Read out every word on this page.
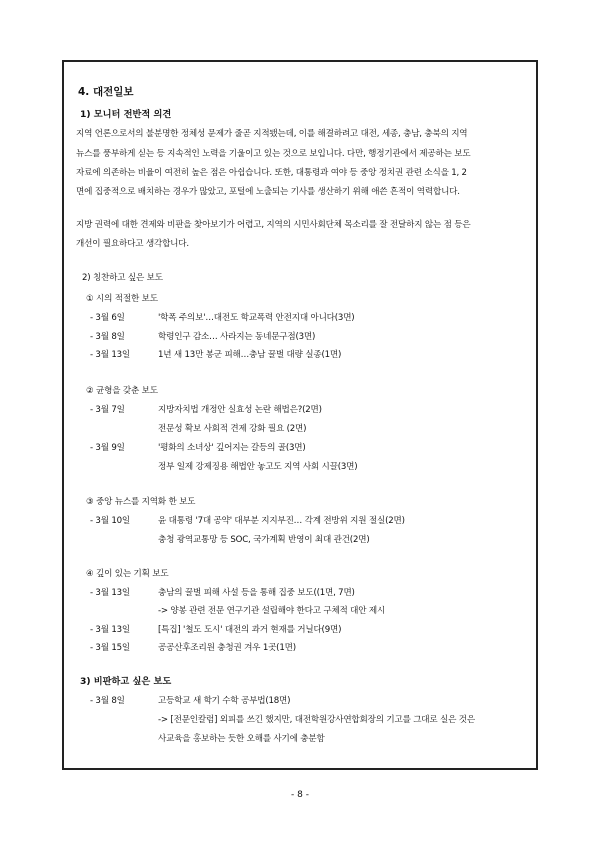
4. 대전일보
1) 모니터 전반적 의견
지역 언론으로서의 불분명한 정체성 문제가 줄곧 지적됐는데, 이를 해결하려고 대전, 세종, 충남, 충북의 지역
뉴스를 풍부하게 싣는 등 지속적인 노력을 기울이고 있는 것으로 보입니다. 다만, 행정기관에서 제공하는 보도
자료에 의존하는 비율이 여전히 높은 점은 아쉽습니다. 또한, 대통령과 여야 등 중앙 정치권 관련 소식을 1, 2
면에 집중적으로 배치하는 경우가 많았고, 포털에 노출되는 기사를 생산하기 위해 애쓴 흔적이 역력합니다.
지방 권력에 대한 견제와 비판을 찾아보기가 어렵고, 지역의 시민사회단체 목소리를 잘 전달하지 않는 점 등은
개선이 필요하다고 생각합니다.
2) 칭찬하고 싶은 보도
① 시의 적절한 보도
- 3월 6일	'학폭 주의보'…대전도 학교폭력 안전지대 아니다(3면)
- 3월 8일	학령인구 감소… 사라지는 동네문구점(3면)
- 3월 13일	1년 새 13만 봉군 피해…충남 꿀벌 대량 실종(1면)
② 균형을 갖춘 보도
- 3월 7일	지방자치법 개정안 실효성 논란 해법은?(2면)
전문성 확보 사회적 견제 강화 필요 (2면)
- 3월 9일	'평화의 소녀상' 깊어지는 갈등의 골(3면)
정부 일제 강제징용 해법안 놓고도 지역 사회 시끌(3면)
③ 중앙 뉴스를 지역화 한 보도
- 3월 10일	윤 대통령 '7대 공약' 대부분 지지부진… 각계 전방위 지원 절실(2면)
충청 광역교통망 등 SOC, 국가계획 반영이 최대 관건(2면)
④ 깊이 있는 기획 보도
- 3월 13일	충남의 꿀벌 피해 사설 등을 통해 집중 보도((1면, 7면)
-> 양봉 관련 전문 연구기관 설립해야 한다고 구체적 대안 제시
- 3월 13일	[특집] '철도 도시' 대전의 과거 현재를 거닐다(9면)
- 3월 15일	공공산후조리원 충청권 겨우 1곳(1면)
3) 비판하고 싶은 보도
- 3월 8일	고등학교 새 학기 수학 공부법(18면)
-> [전문인칼럼] 외피를 쓰긴 했지만, 대전학원강사연합회장의 기고를 그대로 실은 것은
사교육을 홍보하는 듯한 오해를 사기에 충분함
- 8 -
